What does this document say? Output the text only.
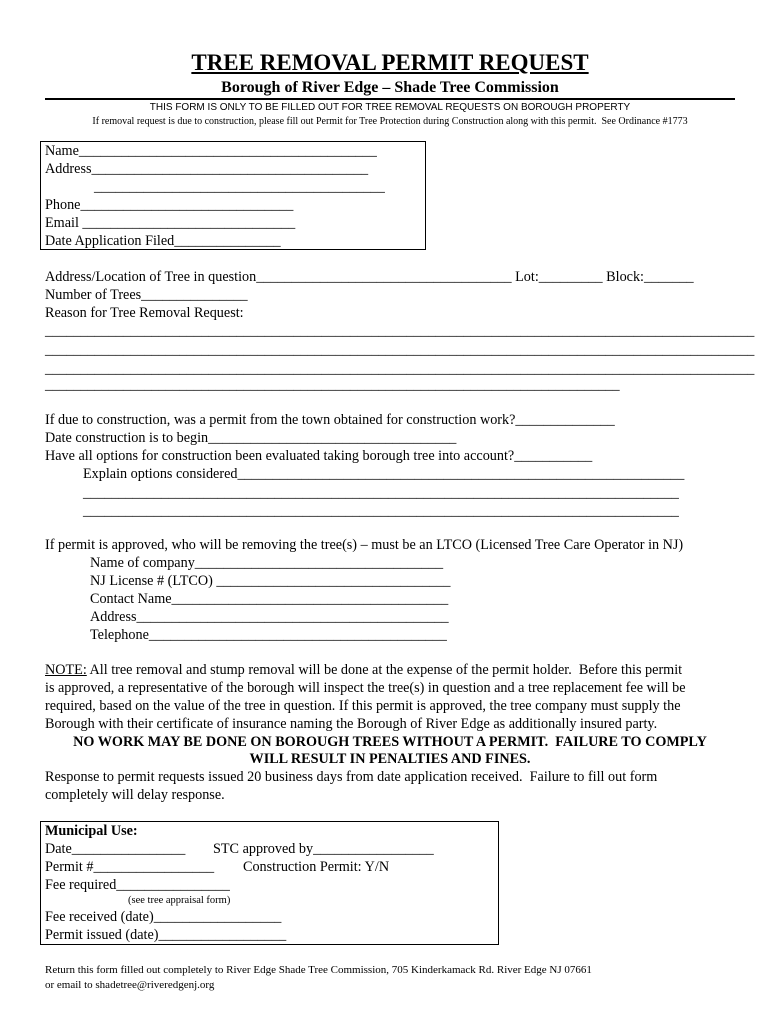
TREE REMOVAL PERMIT REQUEST
Borough of River Edge – Shade Tree Commission
THIS FORM IS ONLY TO BE FILLED OUT FOR TREE REMOVAL REQUESTS ON BOROUGH PROPERTY
If removal request is due to construction, please fill out Permit for Tree Protection during Construction along with this permit.  See Ordinance #1773
Name__________________________________________
Address_______________________________________
_________________________________________
Phone______________________________
Email ______________________________
Date Application Filed_______________
Address/Location of Tree in question____________________________________ Lot:_________ Block:_______
Number of Trees_______________
Reason for Tree Removal Request:
____________________________________________________________________________________________________
____________________________________________________________________________________________________
____________________________________________________________________________________________________
_________________________________________________________________________________
If due to construction, was a permit from the town obtained for construction work?______________
Date construction is to begin___________________________________
Have all options for construction been evaluated taking borough tree into account?___________
Explain options considered_______________________________________________________________
____________________________________________________________________________________
____________________________________________________________________________________
If permit is approved, who will be removing the tree(s) – must be an LTCO (Licensed Tree Care Operator in NJ)
Name of company___________________________________
NJ License # (LTCO) _________________________________
Contact Name_______________________________________
Address____________________________________________
Telephone__________________________________________
NOTE: All tree removal and stump removal will be done at the expense of the permit holder.  Before this permit
is approved, a representative of the borough will inspect the tree(s) in question and a tree replacement fee will be
required, based on the value of the tree in question. If this permit is approved, the tree company must supply the
Borough with their certificate of insurance naming the Borough of River Edge as additionally insured party.
NO WORK MAY BE DONE ON BOROUGH TREES WITHOUT A PERMIT.  FAILURE TO COMPLY
WILL RESULT IN PENALTIES AND FINES.
Response to permit requests issued 20 business days from date application received.  Failure to fill out form
completely will delay response.
Municipal Use:
Date________________ STC approved by_________________
Permit #_________________ Construction Permit: Y/N
Fee required________________
(see tree appraisal form)
Fee received (date)__________________
Permit issued (date)__________________
Return this form filled out completely to River Edge Shade Tree Commission, 705 Kinderkamack Rd. River Edge NJ 07661
or email to shadetree@riveredgenj.org
